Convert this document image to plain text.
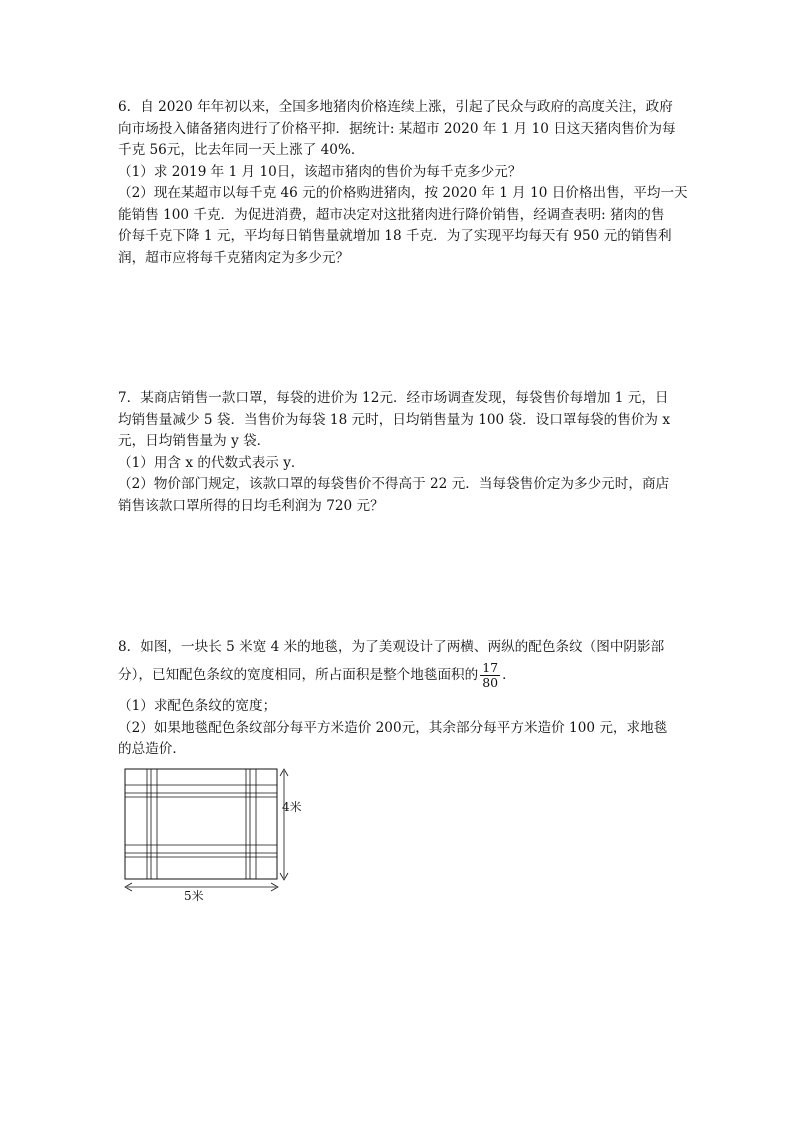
6．自 2020 年年初以来，全国多地猪肉价格连续上涨，引起了民众与政府的高度关注，政府
向市场投入储备猪肉进行了价格平抑．据统计: 某超市 2020 年 1 月 10 日这天猪肉售价为每
千克 56元，比去年同一天上涨了 40%．
（1）求 2019 年 1 月 10日，该超市猪肉的售价为每千克多少元？
（2）现在某超市以每千克 46 元的价格购进猪肉，按 2020 年 1 月 10 日价格出售，平均一天
能销售 100 千克．为促进消费，超市决定对这批猪肉进行降价销售，经调查表明: 猪肉的售
价每千克下降 1 元，平均每日销售量就增加 18 千克．为了实现平均每天有 950 元的销售利
润，超市应将每千克猪肉定为多少元？
7．某商店销售一款口罩，每袋的进价为 12元．经市场调查发现，每袋售价每增加 1 元，日
均销售量减少 5 袋．当售价为每袋 18 元时，日均销售量为 100 袋．设口罩每袋的售价为 x
元，日均销售量为 y 袋．
（1）用含 x 的代数式表示 y．
（2）物价部门规定，该款口罩的每袋售价不得高于 22 元．当每袋售价定为多少元时，商店
销售该款口罩所得的日均毛利润为 720 元？
8．如图，一块长 5 米宽 4 米的地毯，为了美观设计了两横、两纵的配色条纹（图中阴影部
分），已知配色条纹的宽度相同，所占面积是整个地毯面积的 $\frac{17}{80}$ ．
（1）求配色条纹的宽度；
（2）如果地毯配色条纹部分每平方米造价 200元，其余部分每平方米造价 100 元，求地毯
的总造价．
4米
5米
